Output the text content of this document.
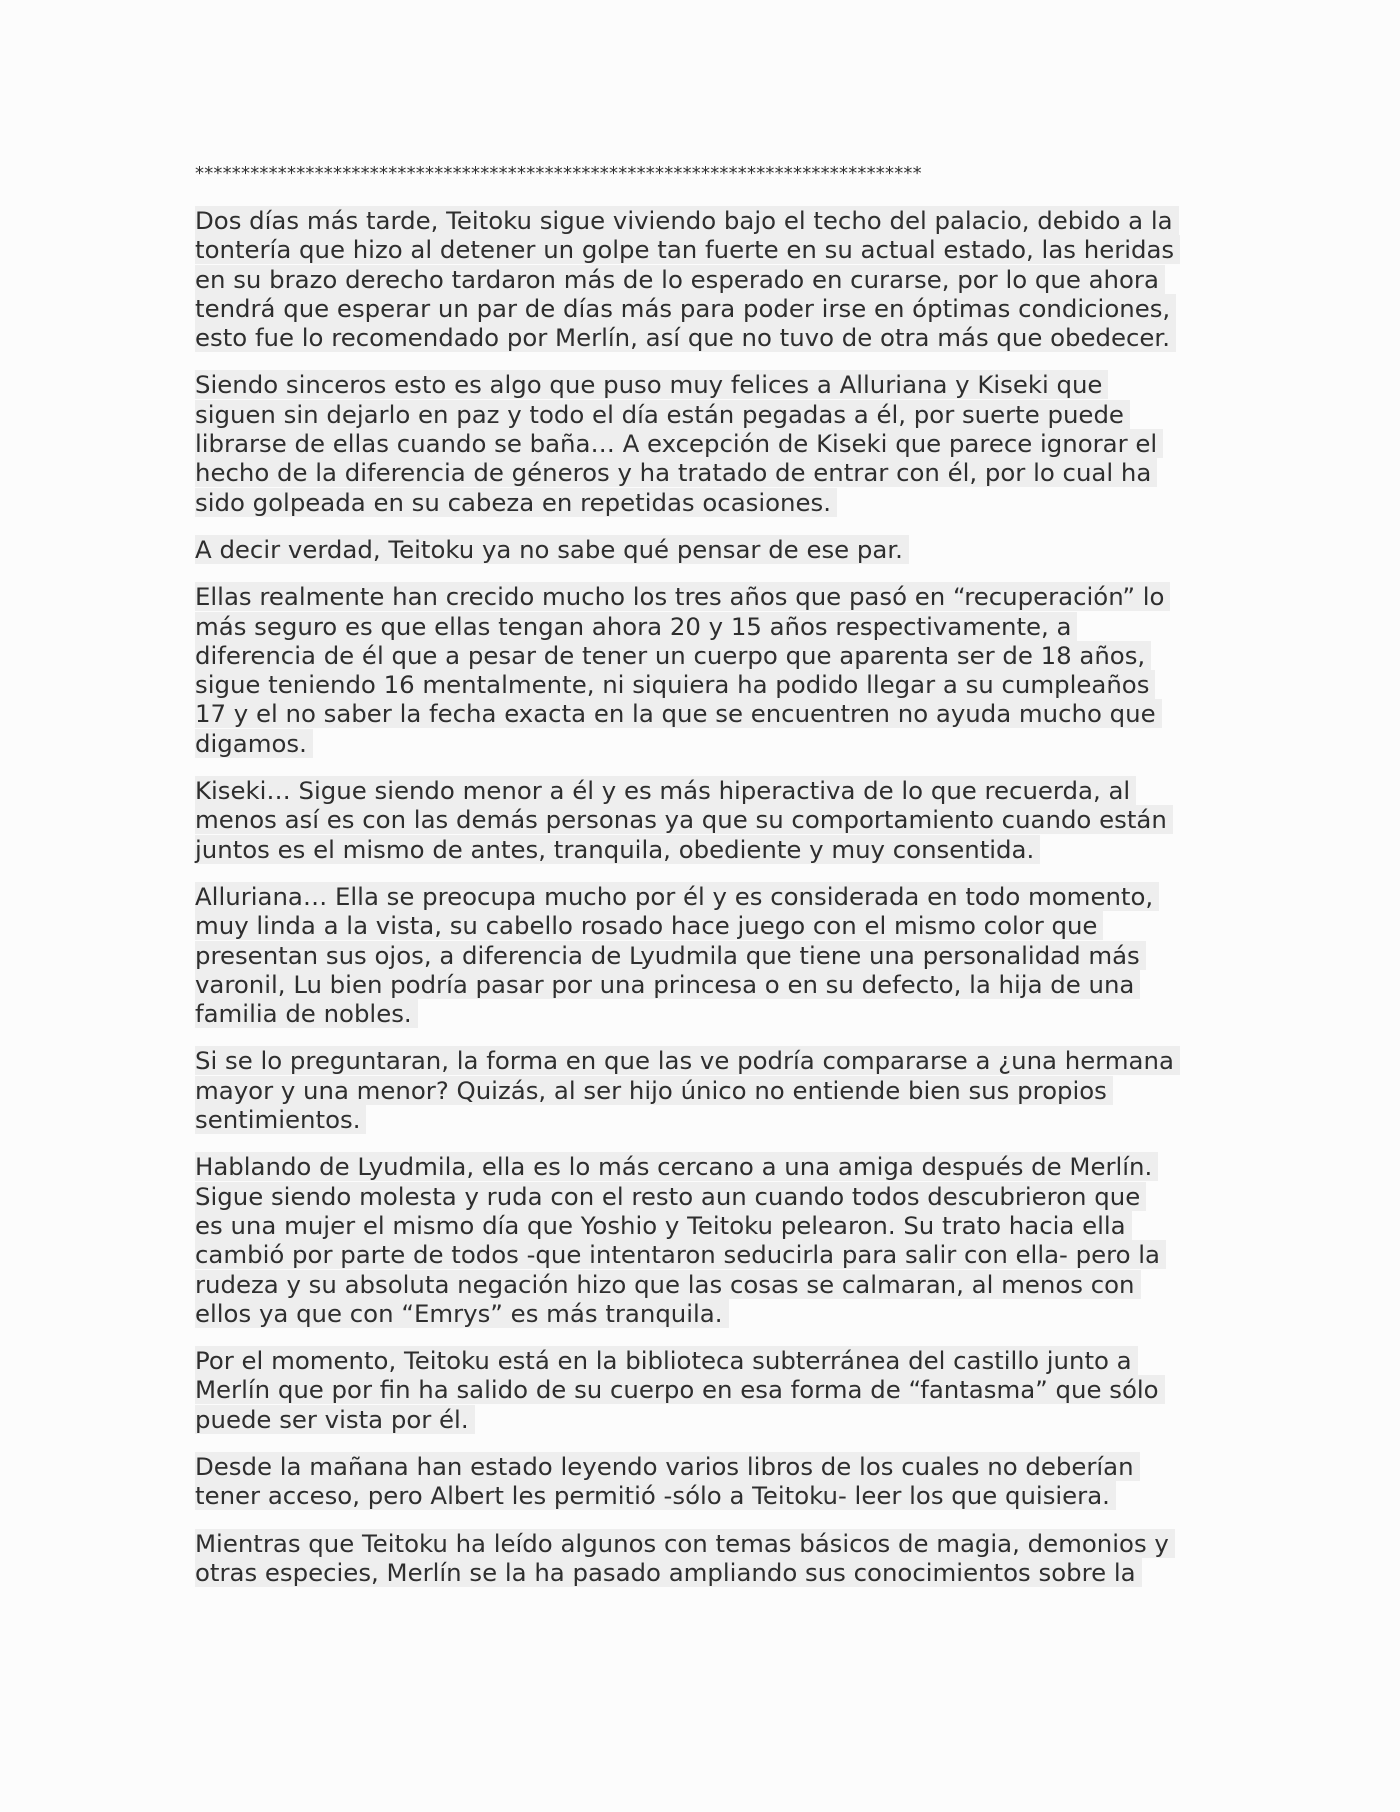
*******************************************************************************

Dos días más tarde, Teitoku sigue viviendo bajo el techo del palacio, debido a la
tontería que hizo al detener un golpe tan fuerte en su actual estado, las heridas
en su brazo derecho tardaron más de lo esperado en curarse, por lo que ahora
tendrá que esperar un par de días más para poder irse en óptimas condiciones,
esto fue lo recomendado por Merlín, así que no tuvo de otra más que obedecer.

Siendo sinceros esto es algo que puso muy felices a Alluriana y Kiseki que
siguen sin dejarlo en paz y todo el día están pegadas a él, por suerte puede
librarse de ellas cuando se baña… A excepción de Kiseki que parece ignorar el
hecho de la diferencia de géneros y ha tratado de entrar con él, por lo cual ha
sido golpeada en su cabeza en repetidas ocasiones.

A decir verdad, Teitoku ya no sabe qué pensar de ese par.

Ellas realmente han crecido mucho los tres años que pasó en “recuperación” lo
más seguro es que ellas tengan ahora 20 y 15 años respectivamente, a
diferencia de él que a pesar de tener un cuerpo que aparenta ser de 18 años,
sigue teniendo 16 mentalmente, ni siquiera ha podido llegar a su cumpleaños
17 y el no saber la fecha exacta en la que se encuentren no ayuda mucho que
digamos.

Kiseki… Sigue siendo menor a él y es más hiperactiva de lo que recuerda, al
menos así es con las demás personas ya que su comportamiento cuando están
juntos es el mismo de antes, tranquila, obediente y muy consentida.

Alluriana… Ella se preocupa mucho por él y es considerada en todo momento,
muy linda a la vista, su cabello rosado hace juego con el mismo color que
presentan sus ojos, a diferencia de Lyudmila que tiene una personalidad más
varonil, Lu bien podría pasar por una princesa o en su defecto, la hija de una
familia de nobles.

Si se lo preguntaran, la forma en que las ve podría compararse a ¿una hermana
mayor y una menor? Quizás, al ser hijo único no entiende bien sus propios
sentimientos.

Hablando de Lyudmila, ella es lo más cercano a una amiga después de Merlín.
Sigue siendo molesta y ruda con el resto aun cuando todos descubrieron que
es una mujer el mismo día que Yoshio y Teitoku pelearon. Su trato hacia ella
cambió por parte de todos -que intentaron seducirla para salir con ella- pero la
rudeza y su absoluta negación hizo que las cosas se calmaran, al menos con
ellos ya que con “Emrys” es más tranquila.

Por el momento, Teitoku está en la biblioteca subterránea del castillo junto a
Merlín que por fin ha salido de su cuerpo en esa forma de “fantasma” que sólo
puede ser vista por él.

Desde la mañana han estado leyendo varios libros de los cuales no deberían
tener acceso, pero Albert les permitió -sólo a Teitoku- leer los que quisiera.

Mientras que Teitoku ha leído algunos con temas básicos de magia, demonios y
otras especies, Merlín se la ha pasado ampliando sus conocimientos sobre la
